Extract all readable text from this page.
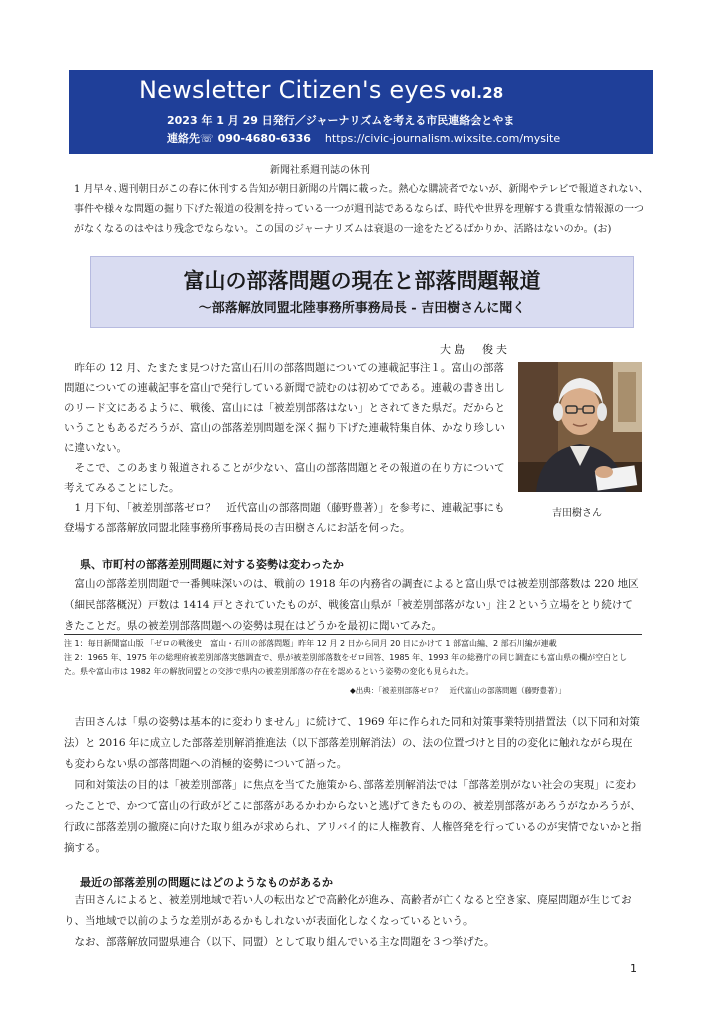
Newsletter Citizen's eyes vol.28
2023 年 1 月 29 日発行／ジャーナリズムを考える市民連絡会とやま
連絡先☏ 090-4680-6336 https://civic-journalism.wixsite.com/mysite
新聞社系週刊誌の休刊
1 月早々､週刊朝日がこの春に休刊する告知が朝日新聞の片隅に載った。熱心な購読者でないが、新聞やテレビで報道されない、事件や様々な問題の掘り下げた報道の役割を持っている一つが週刊誌であるならば、時代や世界を理解する貴重な情報源の一つがなくなるのはやはり残念でならない。この国のジャーナリズムは衰退の一途をたどるばかりか、活路はないのか。(お)
富山の部落問題の現在と部落問題報道
～部落解放同盟北陸事務所事務局長 - 吉田樹さんに聞く
大島　俊夫

昨年の 12 月、たまたま見つけた富山石川の部落問題についての連載記事注１。富山の部落問題についての連載記事を富山で発行している新聞で読むのは初めてである。連載の書き出しのリード文にあるように、戦後、富山には「被差別部落はない」とされてきた県だ。だからということもあるだろうが、富山の部落差別問題を深く掘り下げた連載特集自体、かなり珍しいに違いない。

そこで、このあまり報道されることが少ない、富山の部落問題とその報道の在り方について考えてみることにした。

1 月下旬、「被差別部落ゼロ？　近代富山の部落問題（藤野豊著）」を参考に、連載記事にも登場する部落解放同盟北陸事務所事務局長の吉田樹さんにお話を伺った。

吉田樹さん
県、市町村の部落差別問題に対する姿勢は変わったか

富山の部落差別問題で一番興味深いのは、戦前の 1918 年の内務省の調査によると富山県では被差別部落数は 220 地区（細民部落概況）戸数は 1414 戸とされていたものが、戦後富山県が「被差別部落がない」注２という立場をとり続けてきたことだ。県の被差別部落問題への姿勢は現在はどうかを最初に聞いてみた。

注 1：毎日新聞富山版 「ゼロの戦後史　富山・石川の部落問題」昨年 12 月 2 日から同月 20 日にかけて 1 部富山編、2 部石川編が連載

注 2：1965 年、1975 年の総理府被差別部落実態調査で、県が被差別部落数をゼロ回答、1985 年、1993 年の総務庁の同じ調査にも富山県の欄が空白とした。県や富山市は 1982 年の解放同盟との交渉で県内の被差別部落の存在を認めるという姿勢の変化も見られた。

◆出典：「被差別部落ゼロ？　近代富山の部落問題（藤野豊著）」

吉田さんは「県の姿勢は基本的に変わりません」に続けて、1969 年に作られた同和対策事業特別措置法（以下同和対策法）と 2016 年に成立した部落差別解消推進法（以下部落差別解消法）の、法の位置づけと目的の変化に触れながら現在も変わらない県の部落問題への消極的姿勢について語った。

同和対策法の目的は「被差別部落」に焦点を当てた施策から､部落差別解消法では「部落差別がない社会の実現」に変わったことで、かつて富山の行政がどこに部落があるかわからないと逃げてきたものの、被差別部落があろうがなかろうが、行政に部落差別の撤廃に向けた取り組みが求められ、アリバイ的に人権教育、人権啓発を行っているのが実情でないかと指摘する。

最近の部落差別の問題にはどのようなものがあるか

吉田さんによると、被差別地域で若い人の転出などで高齢化が進み、高齢者が亡くなると空き家、廃屋問題が生じており、当地域で以前のような差別があるかもしれないが表面化しなくなっているという。

なお、部落解放同盟県連合（以下、同盟）として取り組んでいる主な問題を３つ挙げた。

1
